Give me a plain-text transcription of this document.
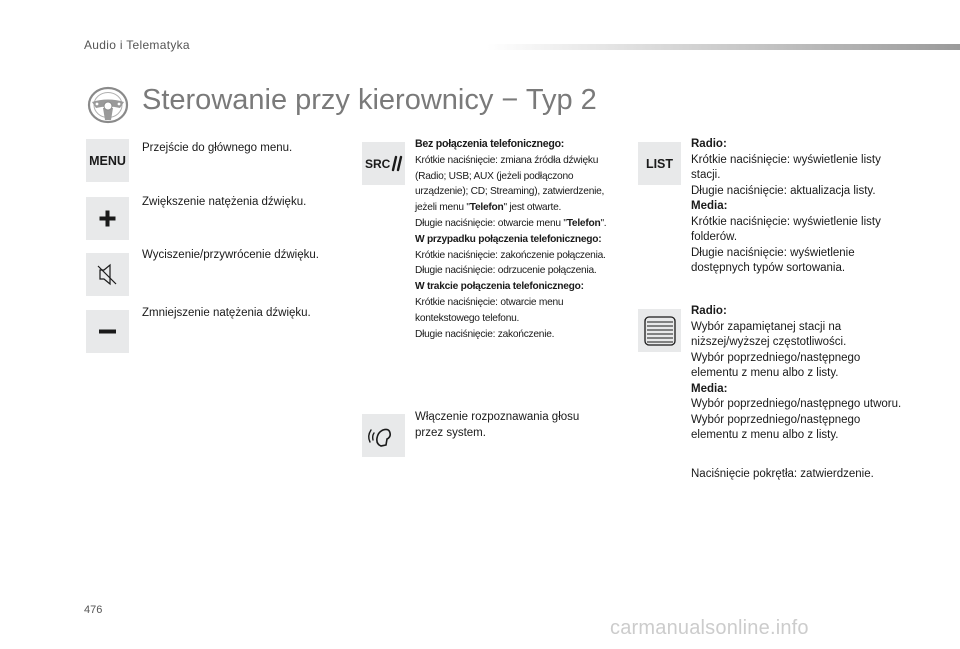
Audio i Telematyka
Sterowanie przy kierownicy − Typ 2
MENU
Przejście do głównego menu.
Zwiększenie natężenia dźwięku.
Wyciszenie/przywrócenie dźwięku.
Zmniejszenie natężenia dźwięku.
SRC
Bez połączenia telefonicznego:
Krótkie naciśnięcie: zmiana źródła dźwięku (Radio; USB; AUX (jeżeli podłączono urządzenie); CD; Streaming), zatwierdzenie, jeżeli menu "Telefon" jest otwarte.
Długie naciśnięcie: otwarcie menu "Telefon".
W przypadku połączenia telefonicznego:
Krótkie naciśnięcie: zakończenie połączenia.
Długie naciśnięcie: odrzucenie połączenia.
W trakcie połączenia telefonicznego:
Krótkie naciśnięcie: otwarcie menu kontekstowego telefonu.
Długie naciśnięcie: zakończenie.
Włączenie rozpoznawania głosu przez system.
LIST
Radio:
Krótkie naciśnięcie: wyświetlenie listy stacji.
Długie naciśnięcie: aktualizacja listy.
Media:
Krótkie naciśnięcie: wyświetlenie listy folderów.
Długie naciśnięcie: wyświetlenie dostępnych typów sortowania.
Radio:
Wybór zapamiętanej stacji na niższej/wyższej częstotliwości.
Wybór poprzedniego/następnego elementu z menu albo z listy.
Media:
Wybór poprzedniego/następnego utworu.
Wybór poprzedniego/następnego elementu z menu albo z listy.
Naciśnięcie pokrętła: zatwierdzenie.
476
carmanualsonline.info
